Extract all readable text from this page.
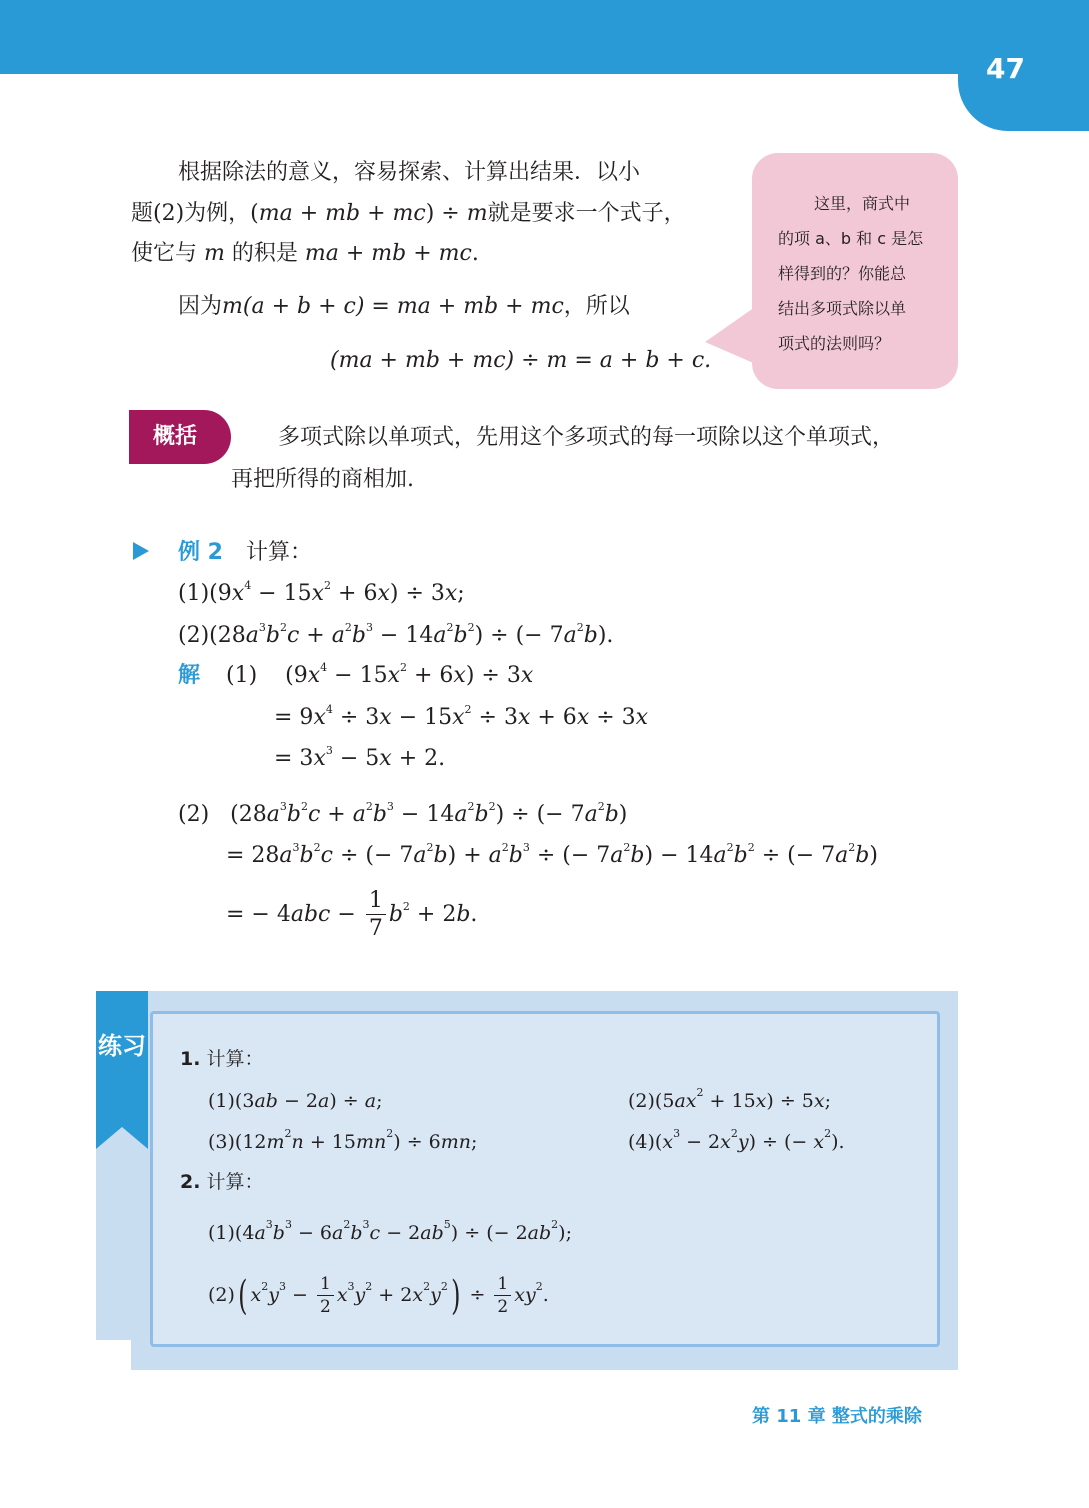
47
根据除法的意义，容易探索、计算出结果．以小
题(2)为例，(ma + mb + mc) ÷ m就是要求一个式子，
使它与 m 的积是 ma + mb + mc.
因为m(a + b + c) = ma + mb + mc，所以
(ma + mb + mc) ÷ m = a + b + c.
这里，商式中
的项 a、b 和 c 是怎
样得到的？你能总
结出多项式除以单
项式的法则吗？
概括	多项式除以单项式，先用这个多项式的每一项除以这个单项式，
再把所得的商相加.
例 2 计算：
$(1)(9x^4 - 15x^2 + 6x) \div 3x$;
$(2)(28a^3b^2c + a^2b^3 - 14a^2b^2)$ ÷ (− $7a^2b$).
解 (1)    $(9x^4 - 15x^2 + 6x) \div 3x$
= $9x^4 \div 3x - 15x^2 \div 3x + 6x \div 3x$
= $3x^3 - 5x + 2$.
(2)   $(28a^3b^2c + a^2b^3 - 14a^2b^2)$ ÷ (− $7a^2b$)
= $28a^3b^2c$ ÷ (− $7a^2b) + a^2b^3$ ÷ (− $7a^2b) - 14a^2b^2$ ÷ (− $7a^2b$)
= − $4abc - \frac{1}{7} b^2 + 2b$.
练习 1. 计算：
(1)(3ab − 2a) ÷ a;	$(2)(5ax^2 + 15x) \div 5x$;
$(3)(12m^2n + 15mn^2) \div 6mn$;	$(4)(x^3 - 2x^2y)$ ÷ (− $x^2$).
2. 计算：
$(1)(4a^3b^3 - 6a^2b^3c - 2ab^5)$ ÷ (− $2ab^2$);
(2)( $x^2y^3 - \frac{1}{2} x^3y^2 + 2x^2y^2) \div \frac{1}{2} xy^2$.
第 11 章 整式的乘除
